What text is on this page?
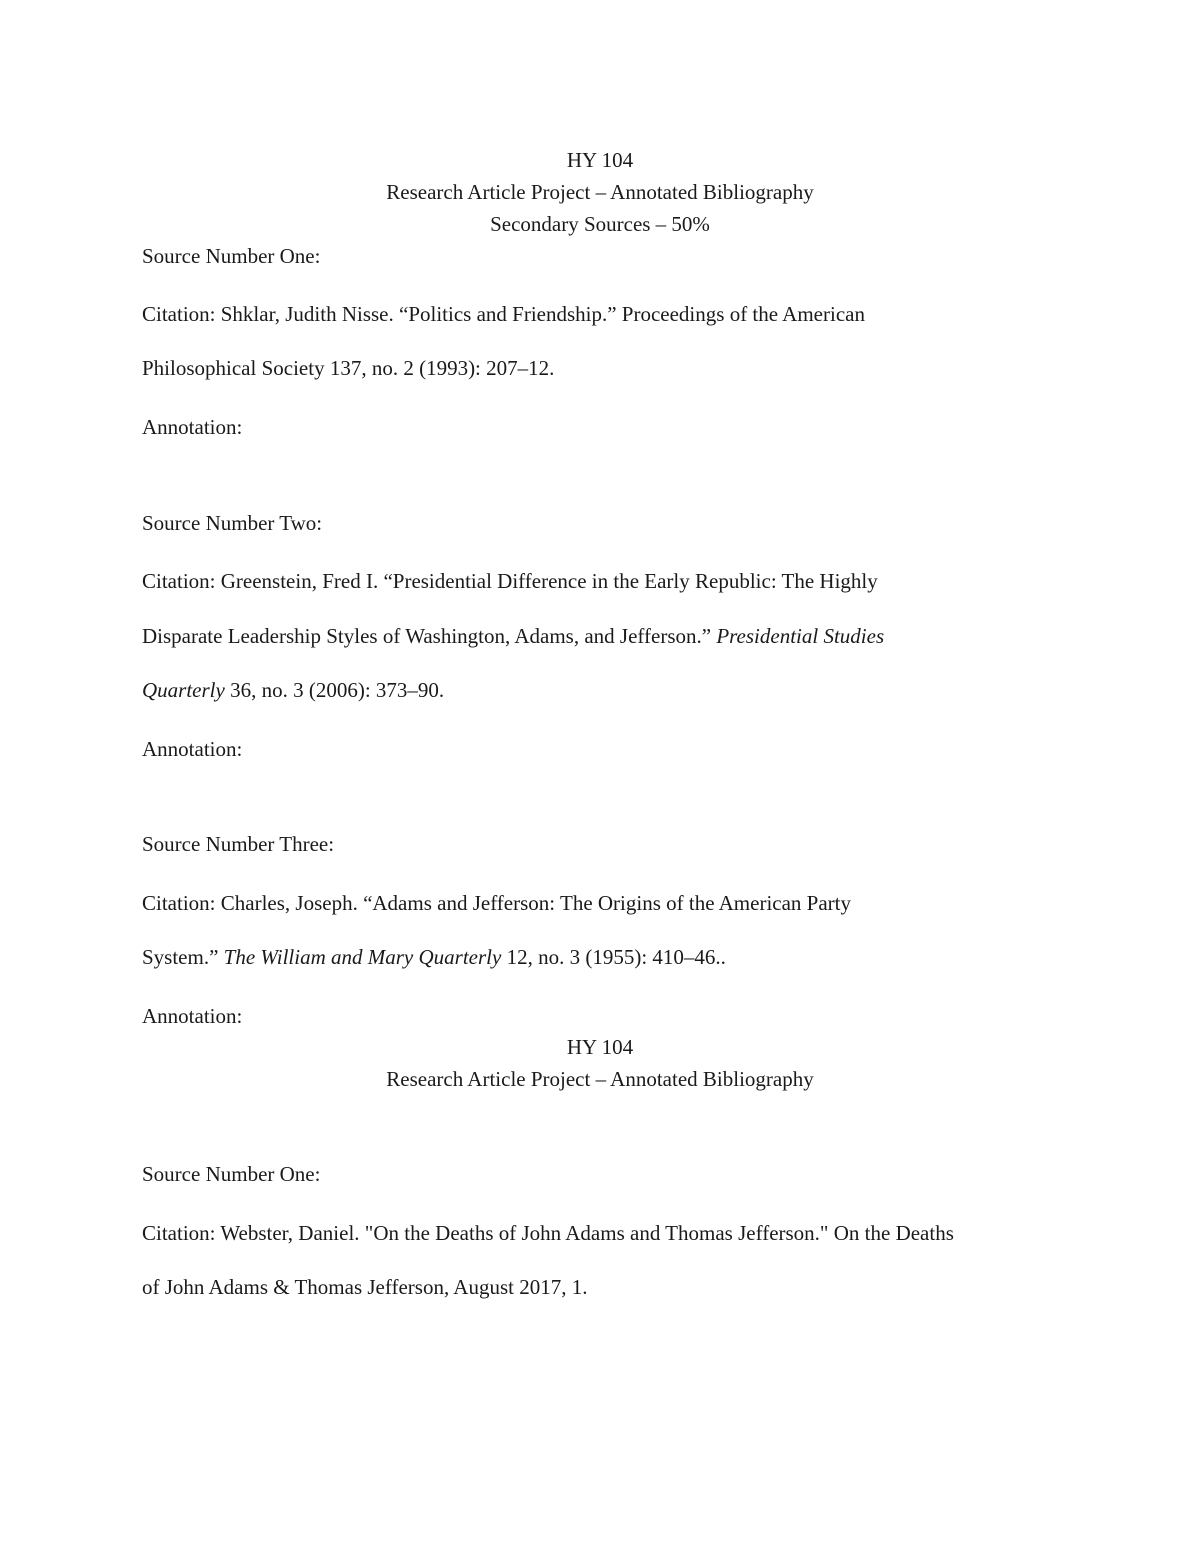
HY 104
Research Article Project – Annotated Bibliography
Secondary Sources – 50%
Source Number One:
Citation: Shklar, Judith Nisse. “Politics and Friendship.” Proceedings of the American
Philosophical Society 137, no. 2 (1993): 207–12.
Annotation:
Source Number Two:
Citation: Greenstein, Fred I. “Presidential Difference in the Early Republic: The Highly
Disparate Leadership Styles of Washington, Adams, and Jefferson.” Presidential Studies
Quarterly 36, no. 3 (2006): 373–90.
Annotation:
Source Number Three:
Citation: Charles, Joseph. “Adams and Jefferson: The Origins of the American Party
System.” The William and Mary Quarterly 12, no. 3 (1955): 410–46..
Annotation:
HY 104
Research Article Project – Annotated Bibliography
Source Number One:
Citation: Webster, Daniel. "On the Deaths of John Adams and Thomas Jefferson." On the Deaths
of John Adams & Thomas Jefferson, August 2017, 1.
